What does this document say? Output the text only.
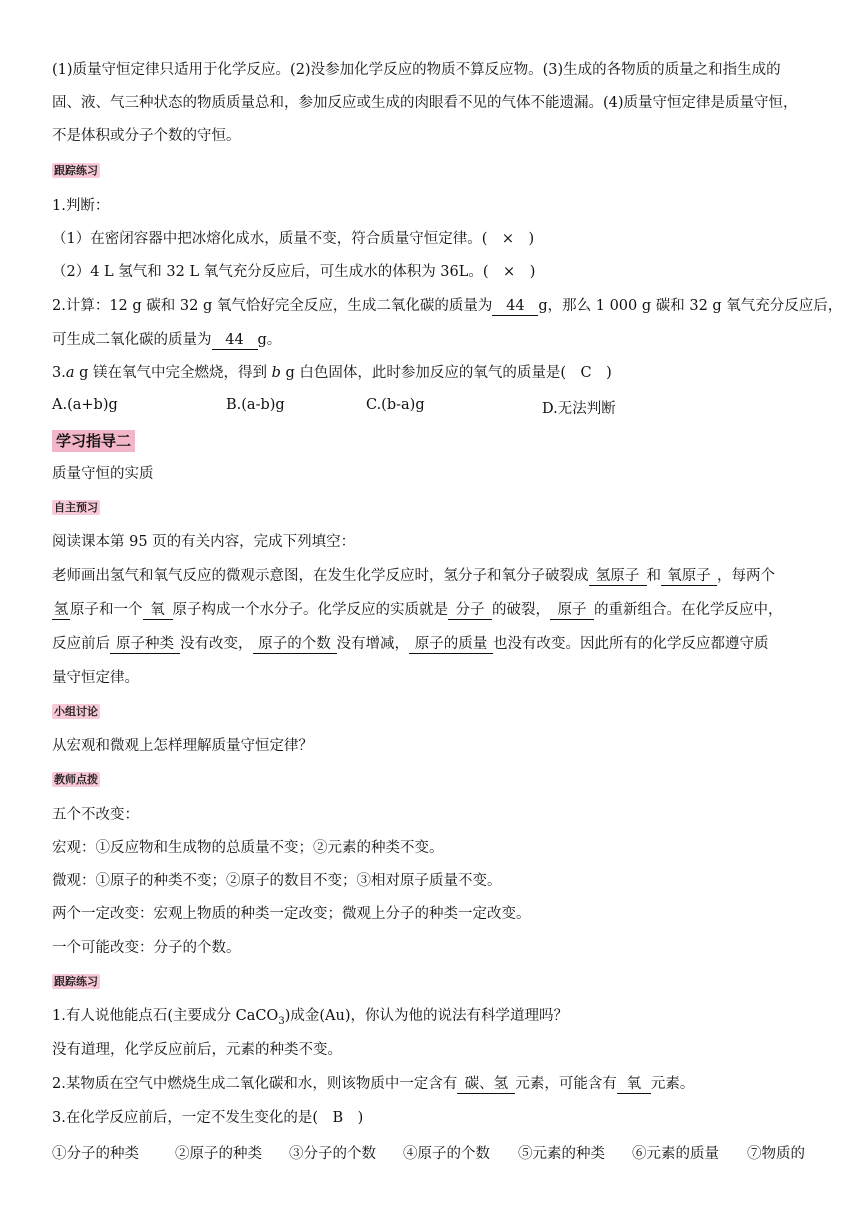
(1)质量守恒定律只适用于化学反应。(2)没参加化学反应的物质不算反应物。(3)生成的各物质的质量之和指生成的
固、液、气三种状态的物质质量总和，参加反应或生成的肉眼看不见的气体不能遗漏。(4)质量守恒定律是质量守恒，
不是体积或分子个数的守恒。
跟踪练习
1.判断：
（1）在密闭容器中把冰熔化成水，质量不变，符合质量守恒定律。(　×　)
（2）4 L 氢气和 32 L 氧气充分反应后，可生成水的体积为 36L。(　×　)
2.计算：12 g 碳和 32 g 氧气恰好完全反应，生成二氧化碳的质量为 44 g，那么 1 000 g 碳和 32 g 氧气充分反应后，
可生成二氧化碳的质量为 44 g。
3.a g 镁在氧气中完全燃烧，得到 b g 白色固体，此时参加反应的氧气的质量是(　C　)
A.(a+b)g	B.(a-b)g	C.(b-a)g	D.无法判断
学习指导二
质量守恒的实质
自主预习
阅读课本第 95 页的有关内容，完成下列填空：
老师画出氢气和氧气反应的微观示意图，在发生化学反应时，氢分子和氧分子破裂成 氢原子 和 氧原子 ，每两个
氢 原子和一个 氧 原子构成一个水分子。化学反应的实质就是 分子 的破裂， 原子 的重新组合。在化学反应中，
反应前后 原子种类 没有改变， 原子的个数 没有增减， 原子的质量 也没有改变。因此所有的化学反应都遵守质
量守恒定律。
小组讨论
从宏观和微观上怎样理解质量守恒定律？
教师点拨
五个不改变：
宏观：①反应物和生成物的总质量不变；②元素的种类不变。
微观：①原子的种类不变；②原子的数目不变；③相对原子质量不变。
两个一定改变：宏观上物质的种类一定改变；微观上分子的种类一定改变。
一个可能改变：分子的个数。
跟踪练习
1.有人说他能点石(主要成分 CaCO$_3$)成金(Au)，你认为他的说法有科学道理吗？
没有道理，化学反应前后，元素的种类不变。
2.某物质在空气中燃烧生成二氧化碳和水，则该物质中一定含有 碳、氢 元素，可能含有 氧 元素。
3.在化学反应前后，一定不发生变化的是(　B　)
①分子的种类 ②原子的种类 ③分子的个数 ④原子的个数 ⑤元素的种类 ⑥元素的质量 ⑦物质的
